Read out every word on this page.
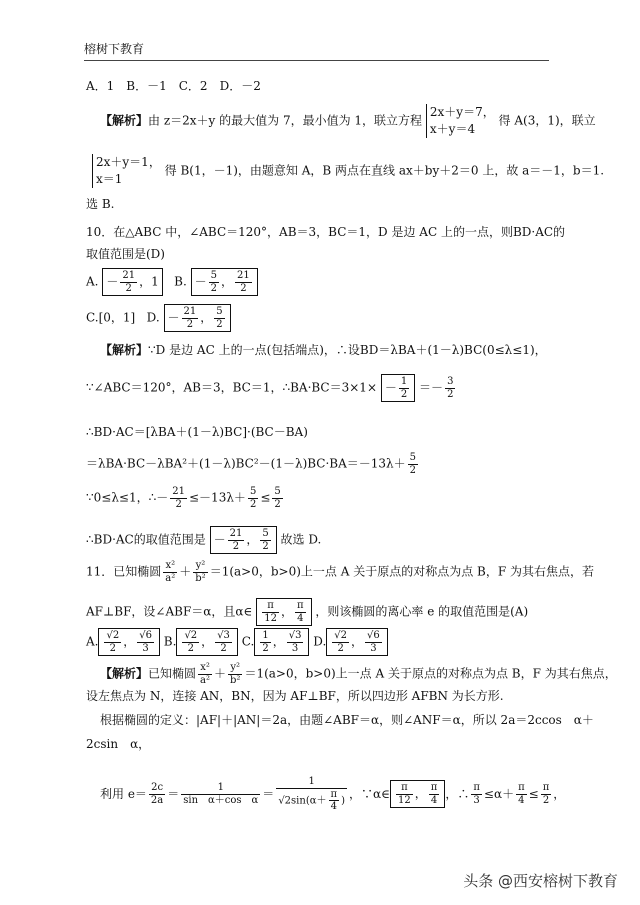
榕树下教育
A．1　B．－1　C．2　D．－2
【解析】由 z＝2x＋y 的最大值为 7，最小值为 1，联立方程
2x＋y＝7，
x＋y＝4
得 A(3，1)，联立
2x＋y＝1，
x＝1
得 B(1，－1)，由题意知 A，B 两点在直线 ax＋by＋2＝0 上，故 a＝－1，b＝1.
选 B.
10．在△ABC 中，∠ABC＝120°，AB＝3，BC＝1，D 是边 AC 上的一点，则BD·AC的
取值范围是(D)
A. － $\frac{21}{2}$ ，1 B. － $\frac{5}{2}$ ， $\frac{21}{2}$
C.[0，1] D. － $\frac{21}{2}$ ， $\frac{5}{2}$
【解析】∵D 是边 AC 上的一点(包括端点)，∴设BD＝λBA＋(1－λ)BC(0≤λ≤1)，
∵∠ABC＝120°，AB＝3，BC＝1，∴BA·BC＝3×1× － $\frac{1}{2} =- \frac{3}{2}$
∴BD·AC＝[λBA＋(1－λ)BC]·(BC－BA)
$=\lambda BA\cdot BC-\lambda BA^2+(1-\lambda)BC^2-(1-\lambda)BC\cdot BA=-13\lambda+ \frac{5}{2}$
∵0≤λ≤1，∴－ $\frac{21}{2} \le-13\lambda+ \frac{5}{2} \le \frac{5}{2}$
∴BD·AC的取值范围是 － $\frac{21}{2}$ ， $\frac{5}{2}$ 故选 D.
11．已知椭圆 $\frac{\text{x²}}{\text{a²}} + \frac{\text{y²}}{\text{b²}} =1(a>0$，b>0)上一点 A 关于原点的对称点为点 B，F 为其右焦点，若
AF⊥BF，设∠ABF＝α，且α∈ $\frac{\pi}{12}$ ， $\frac{\pi}{4}$ ，则该椭圆的离心率 e 的取值范围是(A)
A. $\frac{√2}{2}$ ， $\frac{√6}{3} B$. $\frac{√2}{2}$ ， $\frac{√3}{2} C$. $\frac{1}{2}$ ， $\frac{√3}{3} D$. $\frac{√2}{2}$ ， $\frac{√6}{3}$
【解析】已知椭圆 $\frac{\text{x²}}{\text{a²}} + \frac{\text{y²}}{\text{b²}} =1(a>0$，b>0)上一点 A 关于原点的对称点为点 B，F 为其右焦点，
设左焦点为 N，连接 AN，BN，因为 AF⊥BF，所以四边形 AFBN 为长方形.
根据椭圆的定义：|AF|＋|AN|＝2a，由题∠ABF＝α，则∠ANF＝α，所以 2a＝2ccos　α＋
2csin　α，
利用 $e= \frac{2c}{2a} = \frac{1}{\text{sin　α＋cos　α}} = \frac{1}{√2\sin(\alpha+ \frac{\pi}{4} )}$ ，∵α∈ $\frac{\pi}{12}$ ， $\frac{\pi}{4}$ ，∴ $\frac{\pi}{3} \le\alpha+ \frac{\pi}{4} \le \frac{\pi}{2}$ ，
头条 @西安榕树下教育
